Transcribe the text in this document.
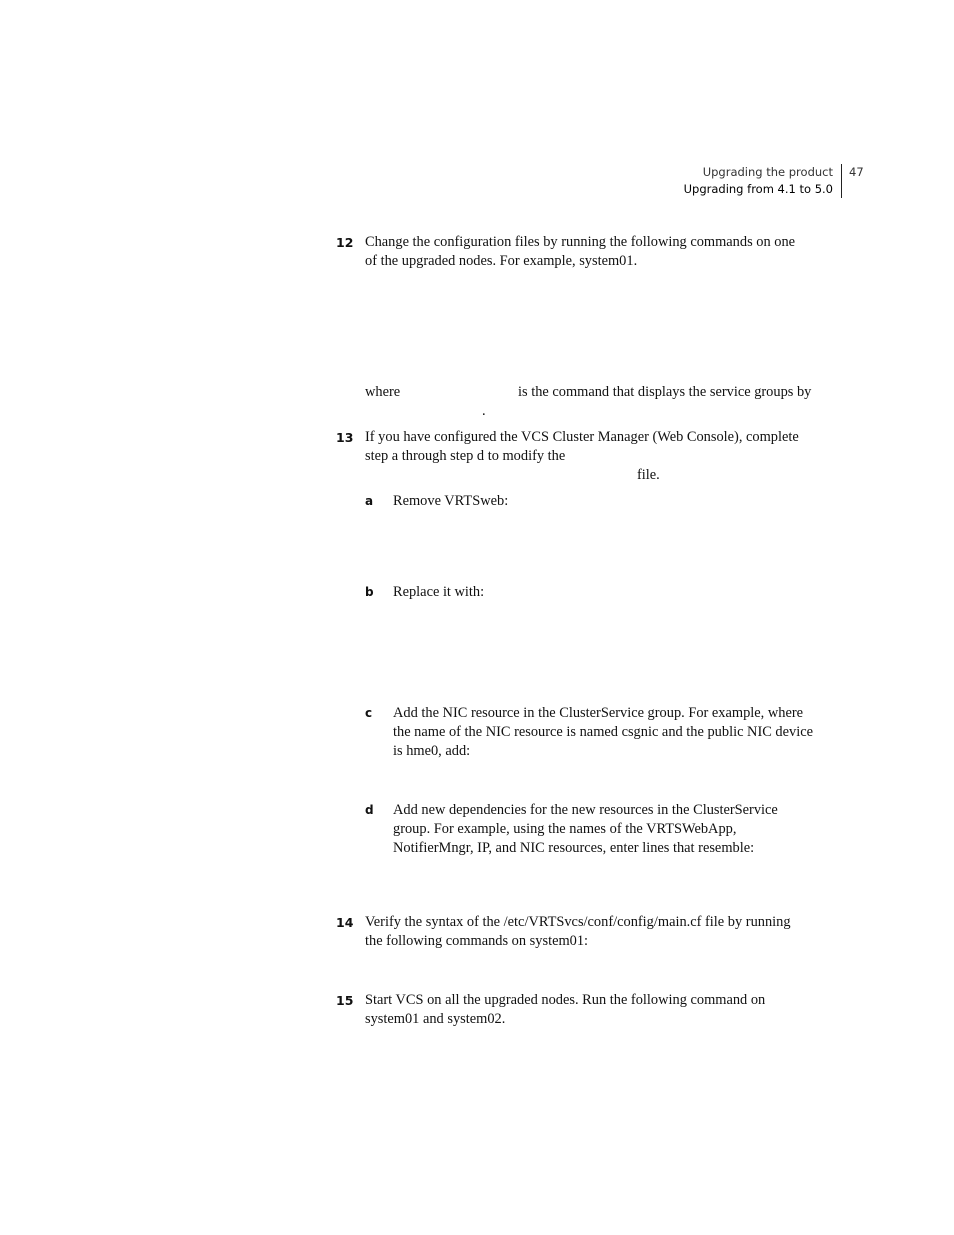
Upgrading the product
Upgrading from 4.1 to 5.0
47
12 Change the configuration files by running the following commands on one
of the upgraded nodes. For example, system01.
where	is the command that displays the service groups by
.
13 If you have configured the VCS Cluster Manager (Web Console), complete
step a through step d to modify the
file.
a Remove VRTSweb:
b Replace it with:
c Add the NIC resource in the ClusterService group. For example, where
the name of the NIC resource is named csgnic and the public NIC device
is hme0, add:
d Add new dependencies for the new resources in the ClusterService
group. For example, using the names of the VRTSWebApp,
NotifierMngr, IP, and NIC resources, enter lines that resemble:
14 Verify the syntax of the /etc/VRTSvcs/conf/config/main.cf file by running
the following commands on system01:
15 Start VCS on all the upgraded nodes. Run the following command on
system01 and system02.
